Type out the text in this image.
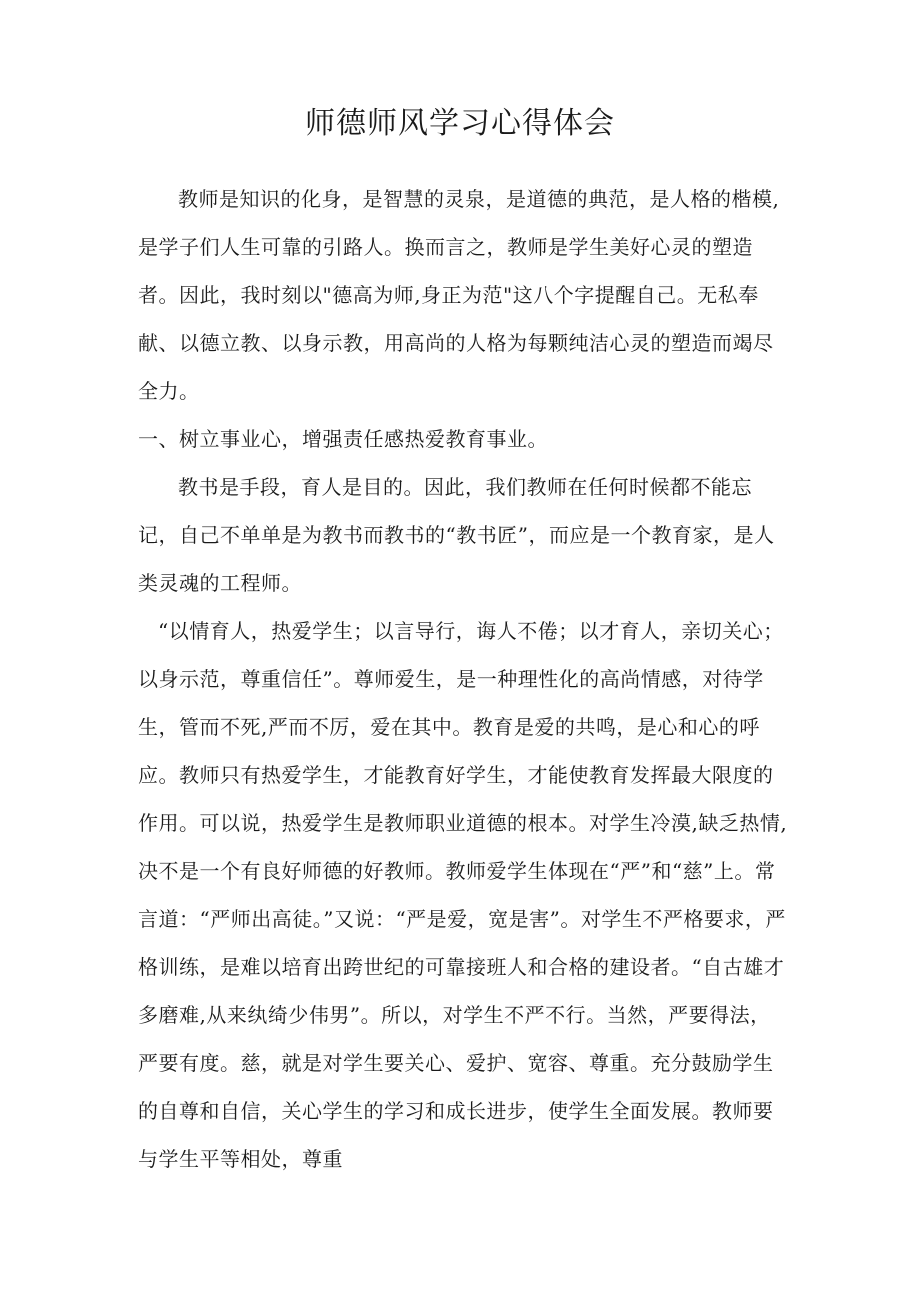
师德师风学习心得体会

教师是知识的化身，是智慧的灵泉，是道德的典范，是人格的楷模,是学子们人生可靠的引路人。换而言之，教师是学生美好心灵的塑造者。因此，我时刻以"德高为师,身正为范"这八个字提醒自己。无私奉献、以德立教、以身示教，用高尚的人格为每颗纯洁心灵的塑造而竭尽全力。

一、树立事业心，增强责任感热爱教育事业。

教书是手段，育人是目的。因此，我们教师在任何时候都不能忘记，自己不单单是为教书而教书的“教书匠”，而应是一个教育家，是人类灵魂的工程师。

“以情育人，热爱学生；以言导行，诲人不倦；以才育人，亲切关心；以身示范，尊重信任”。尊师爱生，是一种理性化的高尚情感，对待学生，管而不死,严而不厉，爱在其中。教育是爱的共鸣，是心和心的呼应。教师只有热爱学生，才能教育好学生，才能使教育发挥最大限度的作用。可以说，热爱学生是教师职业道德的根本。对学生冷漠,缺乏热情,决不是一个有良好师德的好教师。教师爱学生体现在“严”和“慈”上。常言道：“严师出高徒。”又说：“严是爱，宽是害”。对学生不严格要求，严格训练，是难以培育出跨世纪的可靠接班人和合格的建设者。“自古雄才多磨难,从来纨绮少伟男”。所以，对学生不严不行。当然，严要得法，严要有度。慈，就是对学生要关心、爱护、宽容、尊重。充分鼓励学生的自尊和自信，关心学生的学习和成长进步，使学生全面发展。教师要与学生平等相处，尊重
